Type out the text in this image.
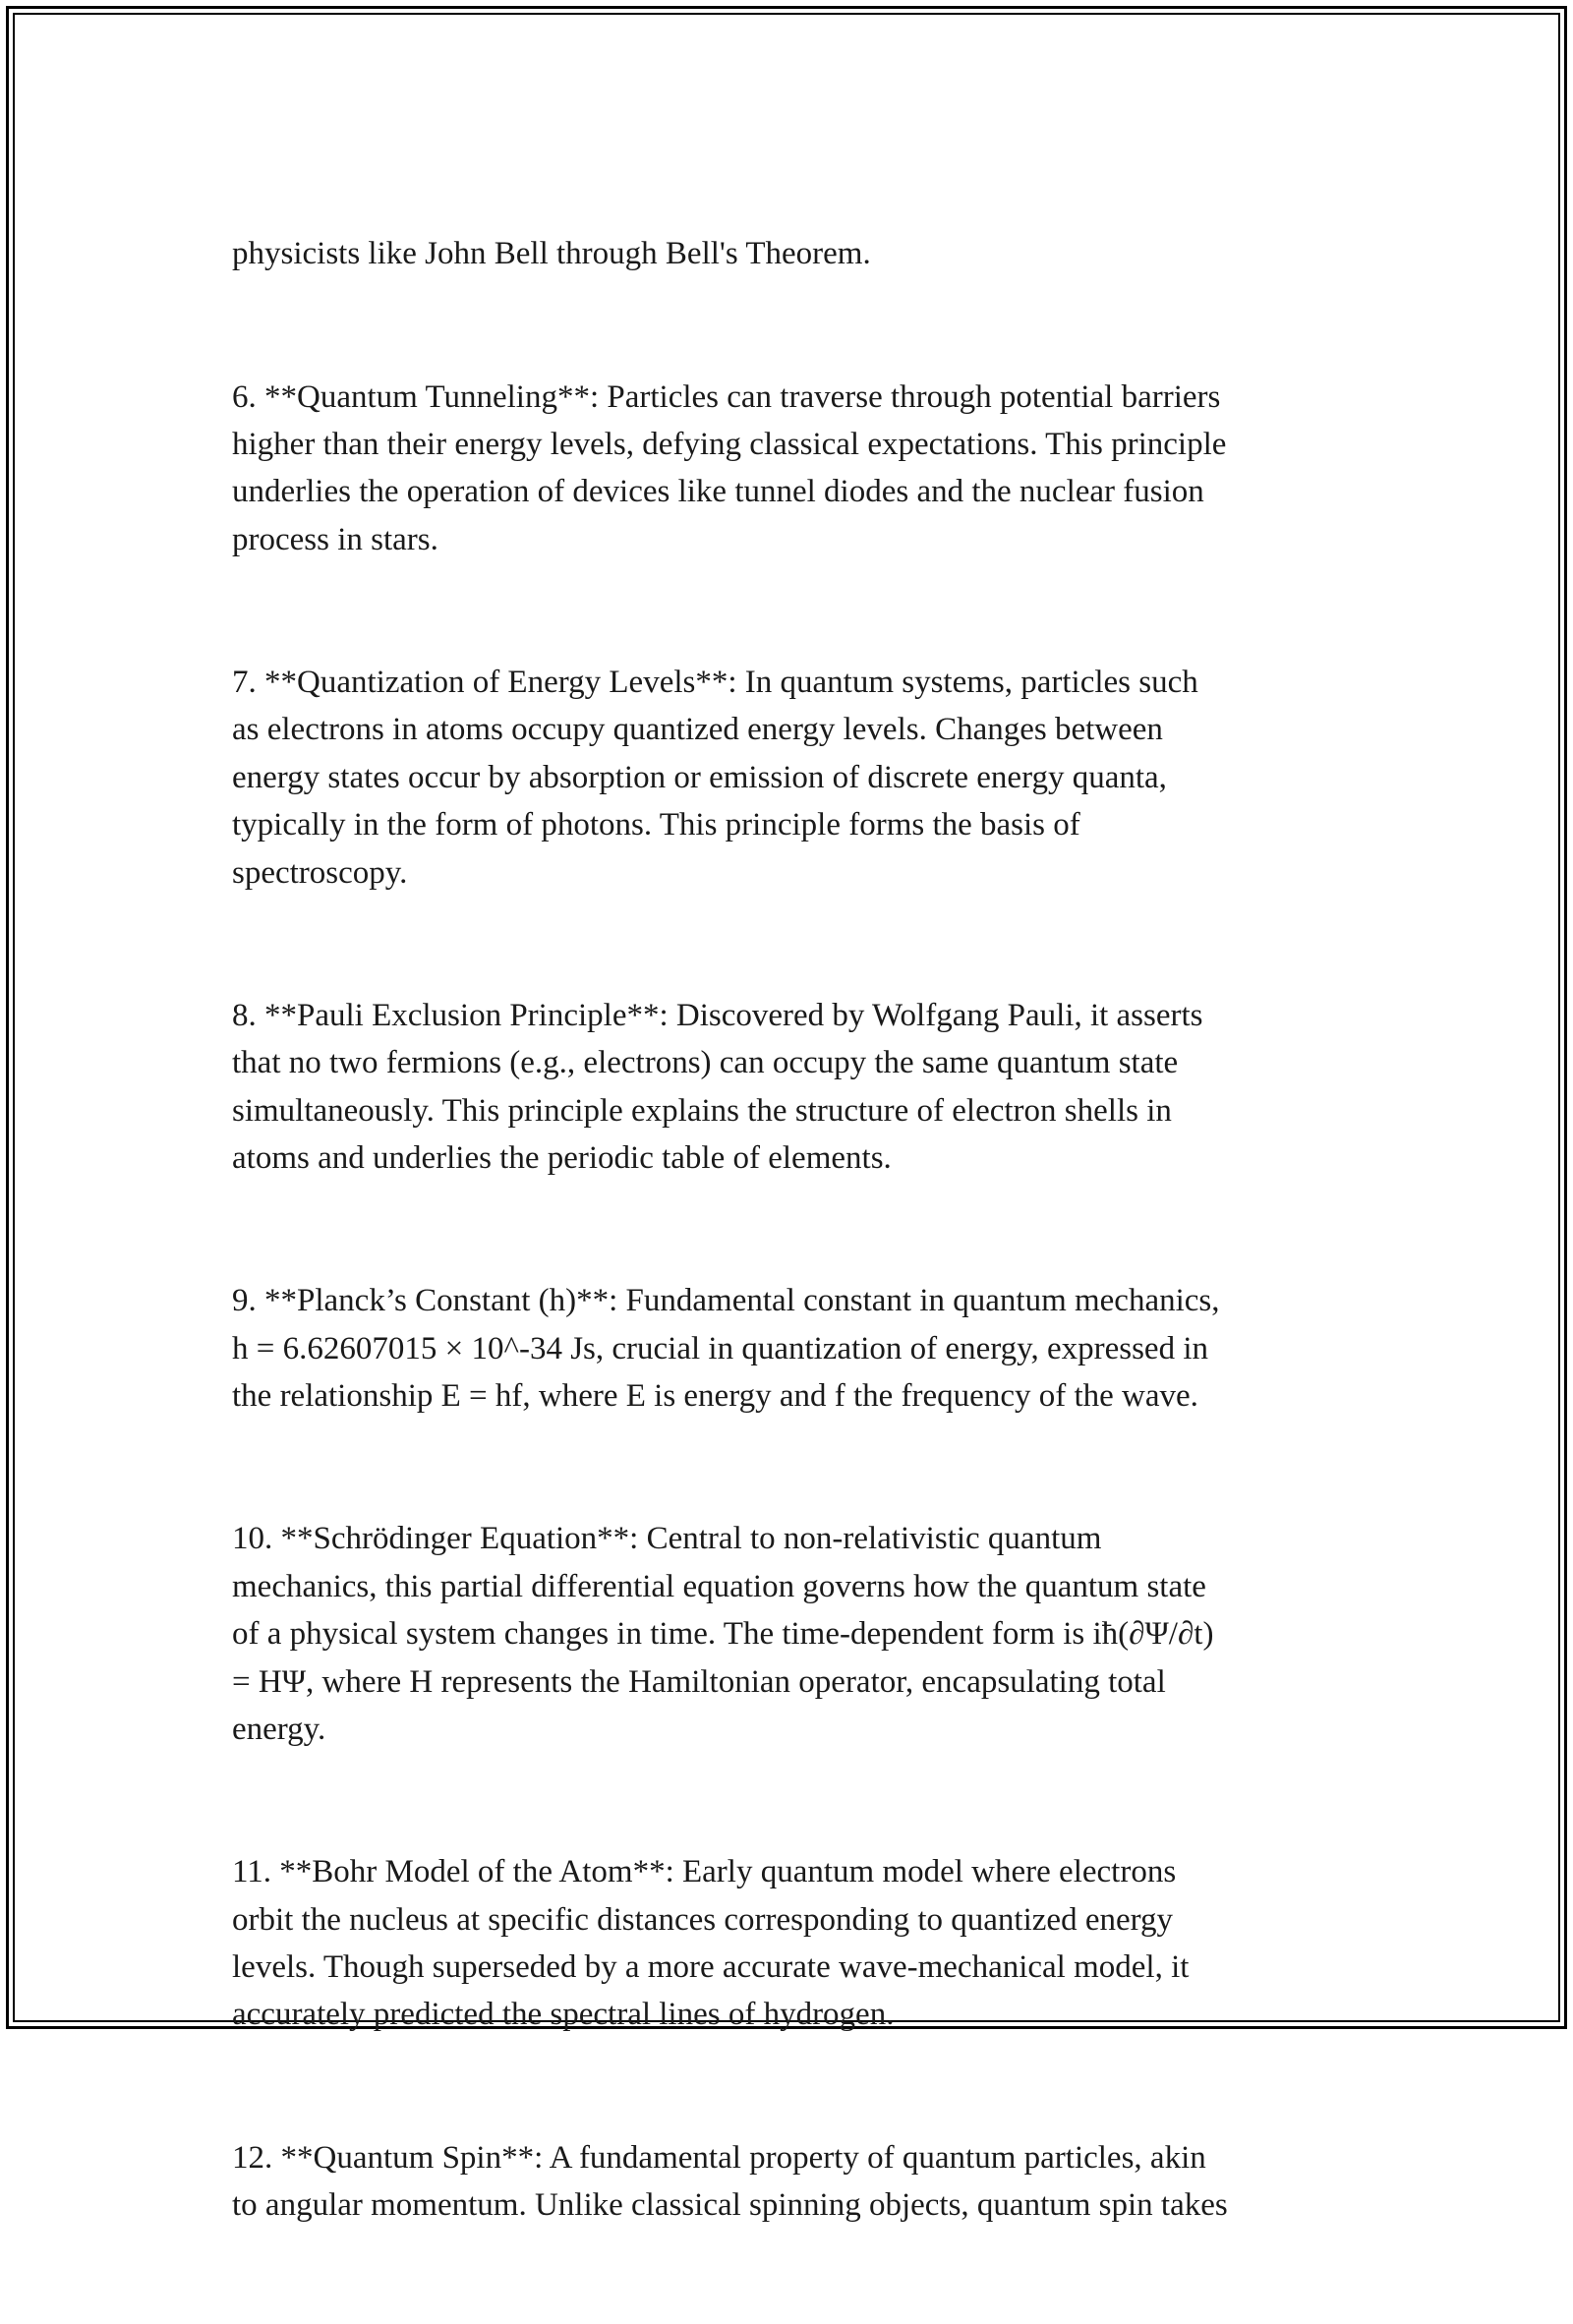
physicists like John Bell through Bell's Theorem.

6. **Quantum Tunneling**: Particles can traverse through potential barriers
higher than their energy levels, defying classical expectations. This principle
underlies the operation of devices like tunnel diodes and the nuclear fusion
process in stars.

7. **Quantization of Energy Levels**: In quantum systems, particles such
as electrons in atoms occupy quantized energy levels. Changes between
energy states occur by absorption or emission of discrete energy quanta,
typically in the form of photons. This principle forms the basis of
spectroscopy.

8. **Pauli Exclusion Principle**: Discovered by Wolfgang Pauli, it asserts
that no two fermions (e.g., electrons) can occupy the same quantum state
simultaneously. This principle explains the structure of electron shells in
atoms and underlies the periodic table of elements.

9. **Planck’s Constant (h)**: Fundamental constant in quantum mechanics,
h = 6.62607015 × 10^-34 Js, crucial in quantization of energy, expressed in
the relationship E = hf, where E is energy and f the frequency of the wave.

10. **Schrödinger Equation**: Central to non-relativistic quantum
mechanics, this partial differential equation governs how the quantum state
of a physical system changes in time. The time-dependent form is iħ(∂Ψ/∂t)
= HΨ, where H represents the Hamiltonian operator, encapsulating total
energy.

11. **Bohr Model of the Atom**: Early quantum model where electrons
orbit the nucleus at specific distances corresponding to quantized energy
levels. Though superseded by a more accurate wave-mechanical model, it
accurately predicted the spectral lines of hydrogen.

12. **Quantum Spin**: A fundamental property of quantum particles, akin
to angular momentum. Unlike classical spinning objects, quantum spin takes
